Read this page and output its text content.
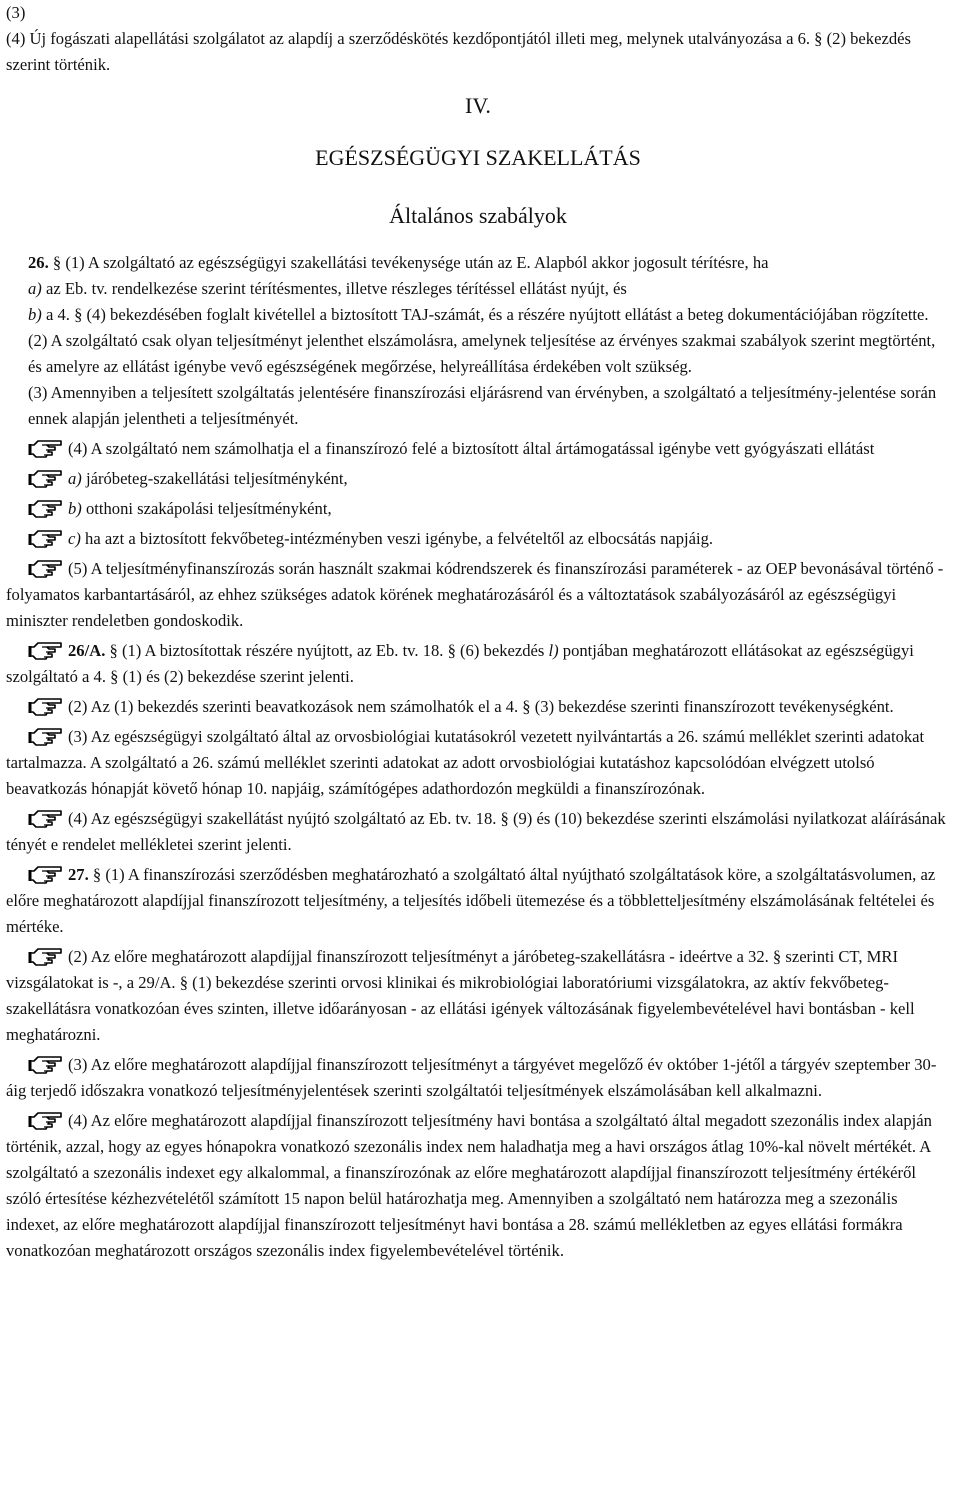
(3)

(4) Új fogászati alapellátási szolgálatot az alapdíj a szerződéskötés kezdőpontjától illeti meg, melynek utalványozása a 6. § (2) bekezdés szerint történik.

IV.

EGÉSZSÉGÜGYI SZAKELLÁTÁS

Általános szabályok

26. § (1) A szolgáltató az egészségügyi szakellátási tevékenysége után az E. Alapból akkor jogosult térítésre, ha

a) az Eb. tv. rendelkezése szerint térítésmentes, illetve részleges térítéssel ellátást nyújt, és

b) a 4. § (4) bekezdésében foglalt kivétellel a biztosított TAJ-számát, és a részére nyújtott ellátást a beteg dokumentációjában rögzítette.

(2) A szolgáltató csak olyan teljesítményt jelenthet elszámolásra, amelynek teljesítése az érvényes szakmai szabályok szerint megtörtént, és amelyre az ellátást igénybe vevő egészségének megőrzése, helyreállítása érdekében volt szükség.

(3) Amennyiben a teljesített szolgáltatás jelentésére finanszírozási eljárásrend van érvényben, a szolgáltató a teljesítmény-jelentése során ennek alapján jelentheti a teljesítményét.

(4) A szolgáltató nem számolhatja el a finanszírozó felé a biztosított által ártámogatással igénybe vett gyógyászati ellátást

a) járóbeteg-szakellátási teljesítményként,

b) otthoni szakápolási teljesítményként,

c) ha azt a biztosított fekvőbeteg-intézményben veszi igénybe, a felvételtől az elbocsátás napjáig.

(5) A teljesítményfinanszírozás során használt szakmai kódrendszerek és finanszírozási paraméterek - az OEP bevonásával történő - folyamatos karbantartásáról, az ehhez szükséges adatok körének meghatározásáról és a változtatások szabályozásáról az egészségügyi miniszter rendeletben gondoskodik.

26/A. § (1) A biztosítottak részére nyújtott, az Eb. tv. 18. § (6) bekezdés l) pontjában meghatározott ellátásokat az egészségügyi szolgáltató a 4. § (1) és (2) bekezdése szerint jelenti.

(2) Az (1) bekezdés szerinti beavatkozások nem számolhatók el a 4. § (3) bekezdése szerinti finanszírozott tevékenységként.

(3) Az egészségügyi szolgáltató által az orvosbiológiai kutatásokról vezetett nyilvántartás a 26. számú melléklet szerinti adatokat tartalmazza. A szolgáltató a 26. számú melléklet szerinti adatokat az adott orvosbiológiai kutatáshoz kapcsolódóan elvégzett utolsó beavatkozás hónapját követő hónap 10. napjáig, számítógépes adathordozón megküldi a finanszírozónak.

(4) Az egészségügyi szakellátást nyújtó szolgáltató az Eb. tv. 18. § (9) és (10) bekezdése szerinti elszámolási nyilatkozat aláírásának tényét e rendelet mellékletei szerint jelenti.

27. § (1) A finanszírozási szerződésben meghatározható a szolgáltató által nyújtható szolgáltatások köre, a szolgáltatásvolumen, az előre meghatározott alapdíjjal finanszírozott teljesítmény, a teljesítés időbeli ütemezése és a többletteljesítmény elszámolásának feltételei és mértéke.

(2) Az előre meghatározott alapdíjjal finanszírozott teljesítményt a járóbeteg-szakellátásra - ideértve a 32. § szerinti CT, MRI vizsgálatokat is -, a 29/A. § (1) bekezdése szerinti orvosi klinikai és mikrobiológiai laboratóriumi vizsgálatokra, az aktív fekvőbeteg-szakellátásra vonatkozóan éves szinten, illetve időarányosan - az ellátási igények változásának figyelembevételével havi bontásban - kell meghatározni.

(3) Az előre meghatározott alapdíjjal finanszírozott teljesítményt a tárgyévet megelőző év október 1-jétől a tárgyév szeptember 30-áig terjedő időszakra vonatkozó teljesítményjelentések szerinti szolgáltatói teljesítmények elszámolásában kell alkalmazni.

(4) Az előre meghatározott alapdíjjal finanszírozott teljesítmény havi bontása a szolgáltató által megadott szezonális index alapján történik, azzal, hogy az egyes hónapokra vonatkozó szezonális index nem haladhatja meg a havi országos átlag 10%-kal növelt mértékét. A szolgáltató a szezonális indexet egy alkalommal, a finanszírozónak az előre meghatározott alapdíjjal finanszírozott teljesítmény értékéről szóló értesítése kézhezvételétől számított 15 napon belül határozhatja meg. Amennyiben a szolgáltató nem határozza meg a szezonális indexet, az előre meghatározott alapdíjjal finanszírozott teljesítményt havi bontása a 28. számú mellékletben az egyes ellátási formákra vonatkozóan meghatározott országos szezonális index figyelembevételével történik.
